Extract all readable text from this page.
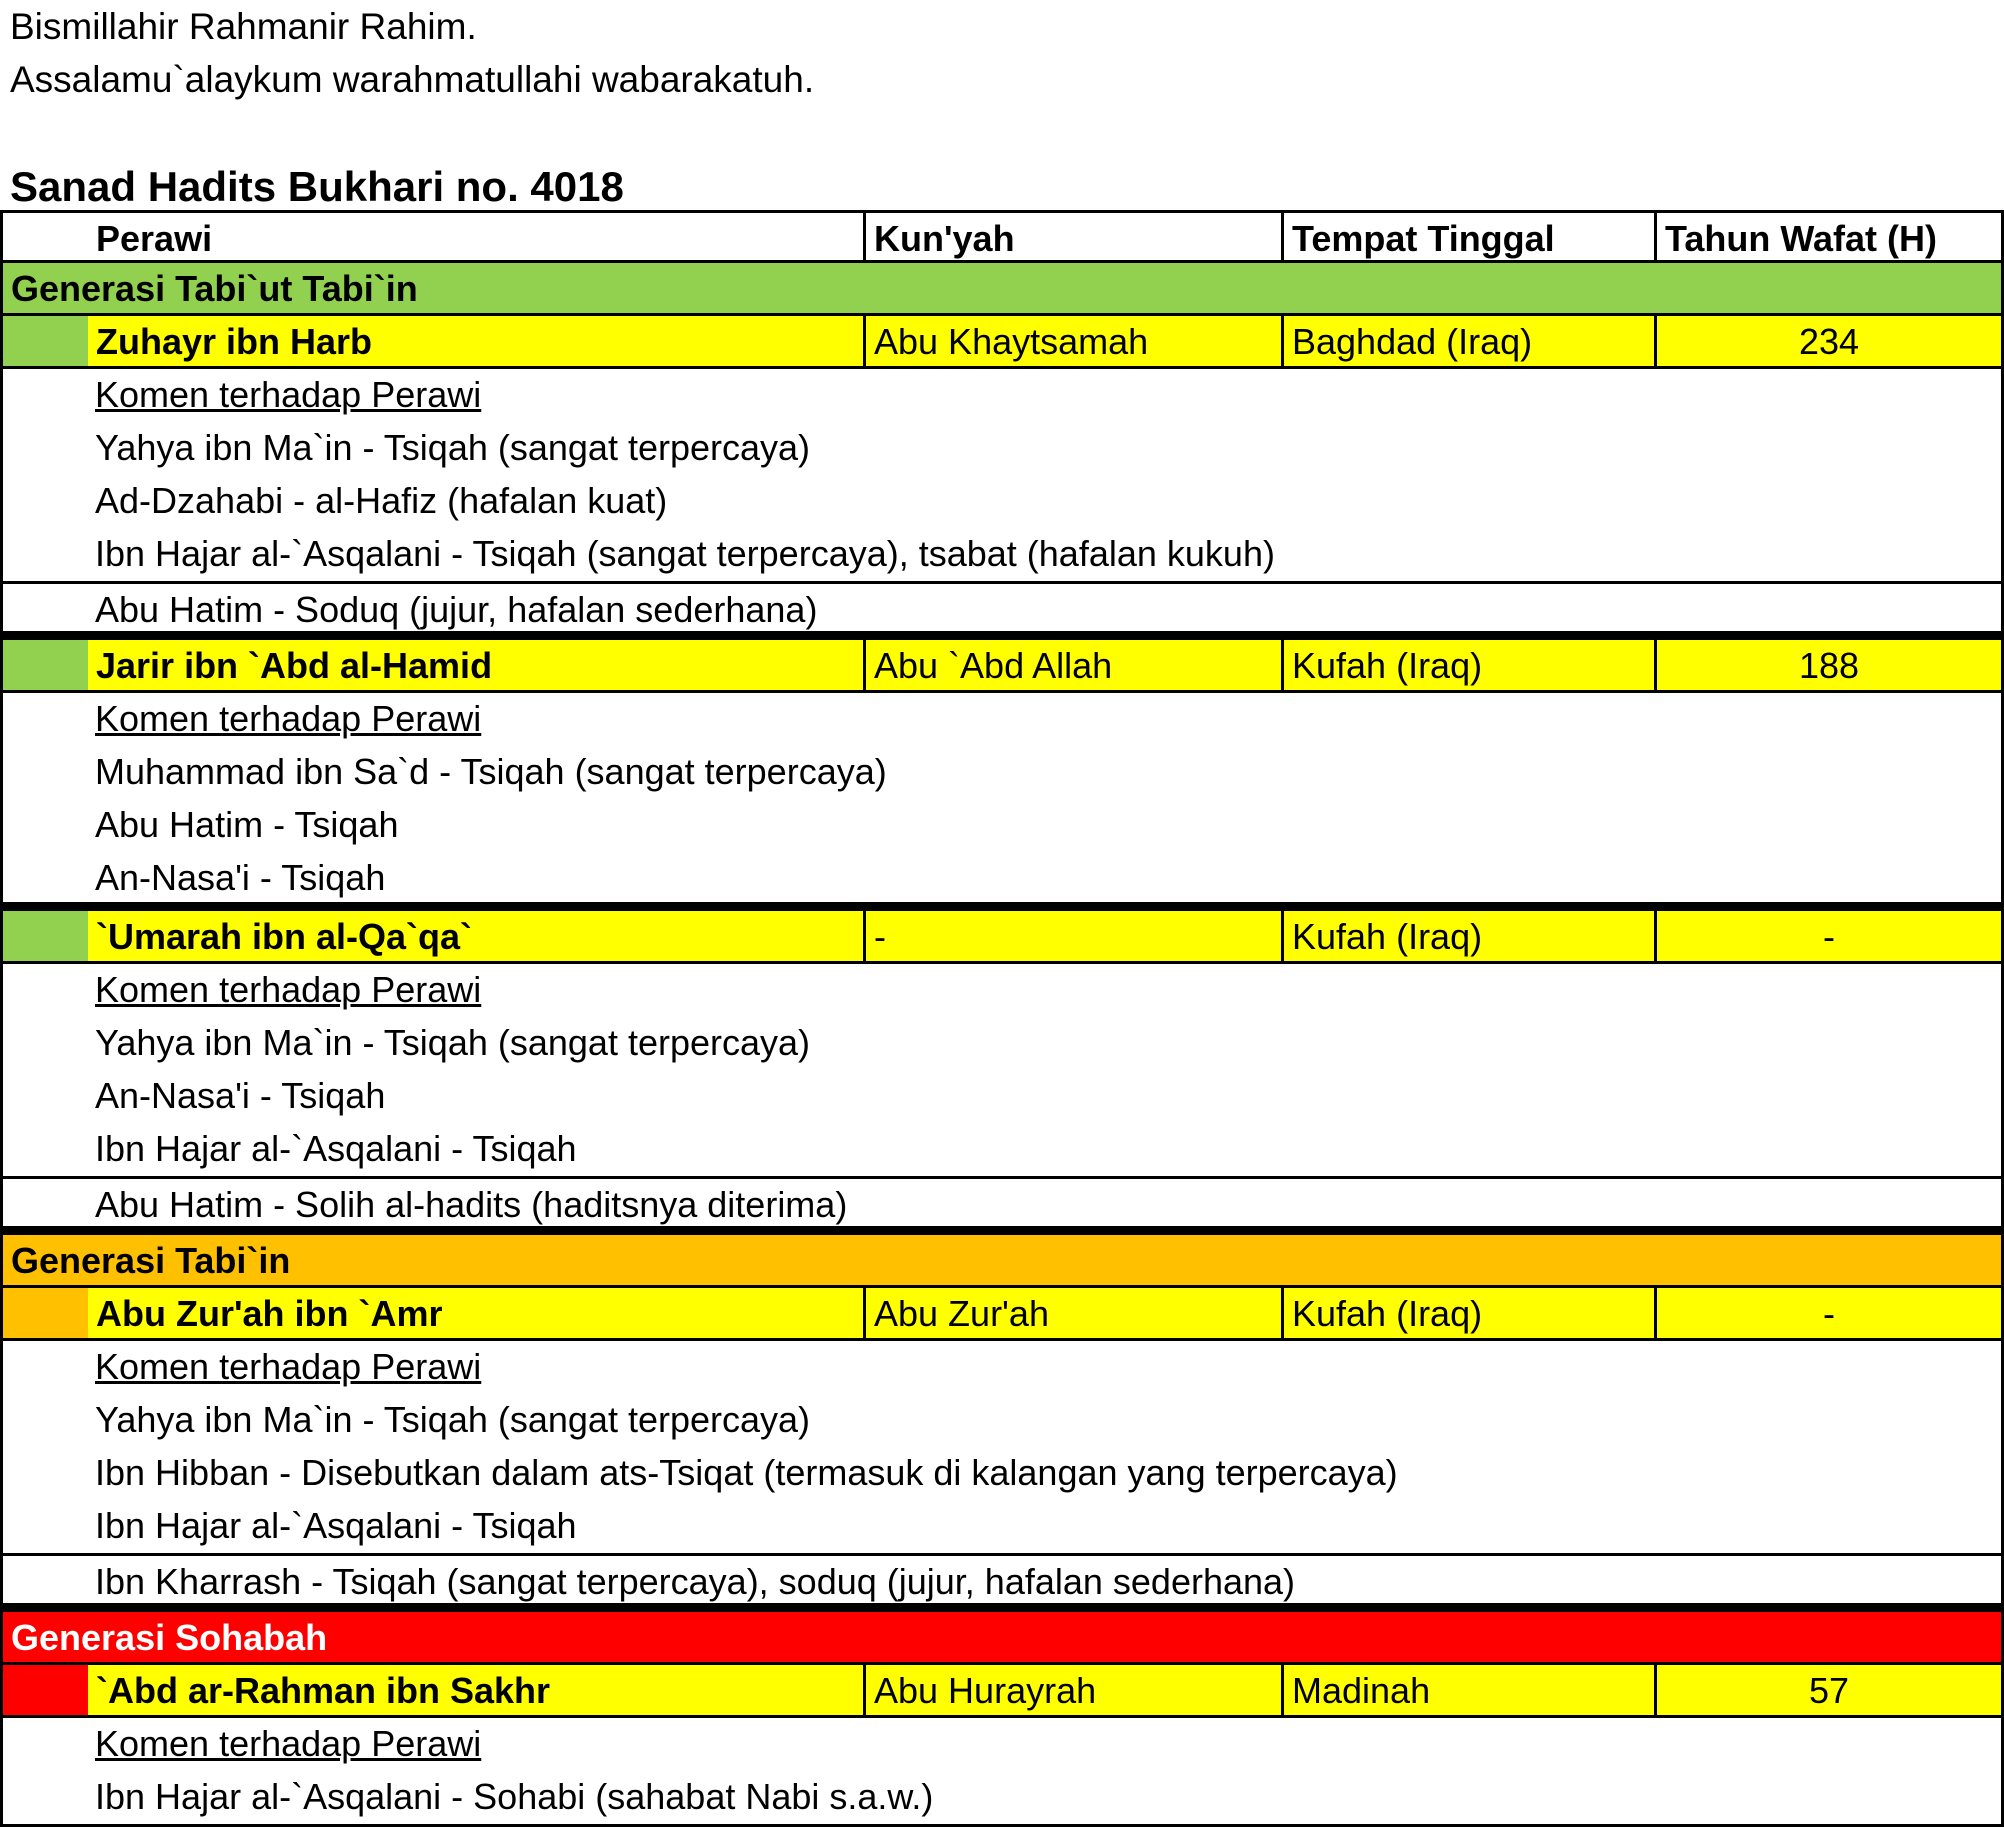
Bismillahir Rahmanir Rahim.
Assalamu`alaykum warahmatullahi wabarakatuh.
Sanad Hadits Bukhari no. 4018
Perawi	Kun'yah	Tempat Tinggal	Tahun Wafat (H)
Generasi Tabi`ut Tabi`in
Zuhayr ibn Harb	Abu Khaytsamah	Baghdad (Iraq)	234
Komen terhadap Perawi
Yahya ibn Ma`in - Tsiqah (sangat terpercaya)
Ad-Dzahabi - al-Hafiz (hafalan kuat)
Ibn Hajar al-`Asqalani - Tsiqah (sangat terpercaya), tsabat (hafalan kukuh)
Abu Hatim - Soduq (jujur, hafalan sederhana)
Jarir ibn `Abd al-Hamid	Abu `Abd Allah	Kufah (Iraq)	188
Komen terhadap Perawi
Muhammad ibn Sa`d - Tsiqah (sangat terpercaya)
Abu Hatim - Tsiqah
An-Nasa'i - Tsiqah
`Umarah ibn al-Qa`qa`	-	Kufah (Iraq)	-
Komen terhadap Perawi
Yahya ibn Ma`in - Tsiqah (sangat terpercaya)
An-Nasa'i - Tsiqah
Ibn Hajar al-`Asqalani - Tsiqah
Abu Hatim - Solih al-hadits (haditsnya diterima)
Generasi Tabi`in
Abu Zur'ah ibn `Amr	Abu Zur'ah	Kufah (Iraq)	-
Komen terhadap Perawi
Yahya ibn Ma`in - Tsiqah (sangat terpercaya)
Ibn Hibban - Disebutkan dalam ats-Tsiqat (termasuk di kalangan yang terpercaya)
Ibn Hajar al-`Asqalani - Tsiqah
Ibn Kharrash - Tsiqah (sangat terpercaya), soduq (jujur, hafalan sederhana)
Generasi Sohabah
`Abd ar-Rahman ibn Sakhr	Abu Hurayrah	Madinah	57
Komen terhadap Perawi
Ibn Hajar al-`Asqalani - Sohabi (sahabat Nabi s.a.w.)
